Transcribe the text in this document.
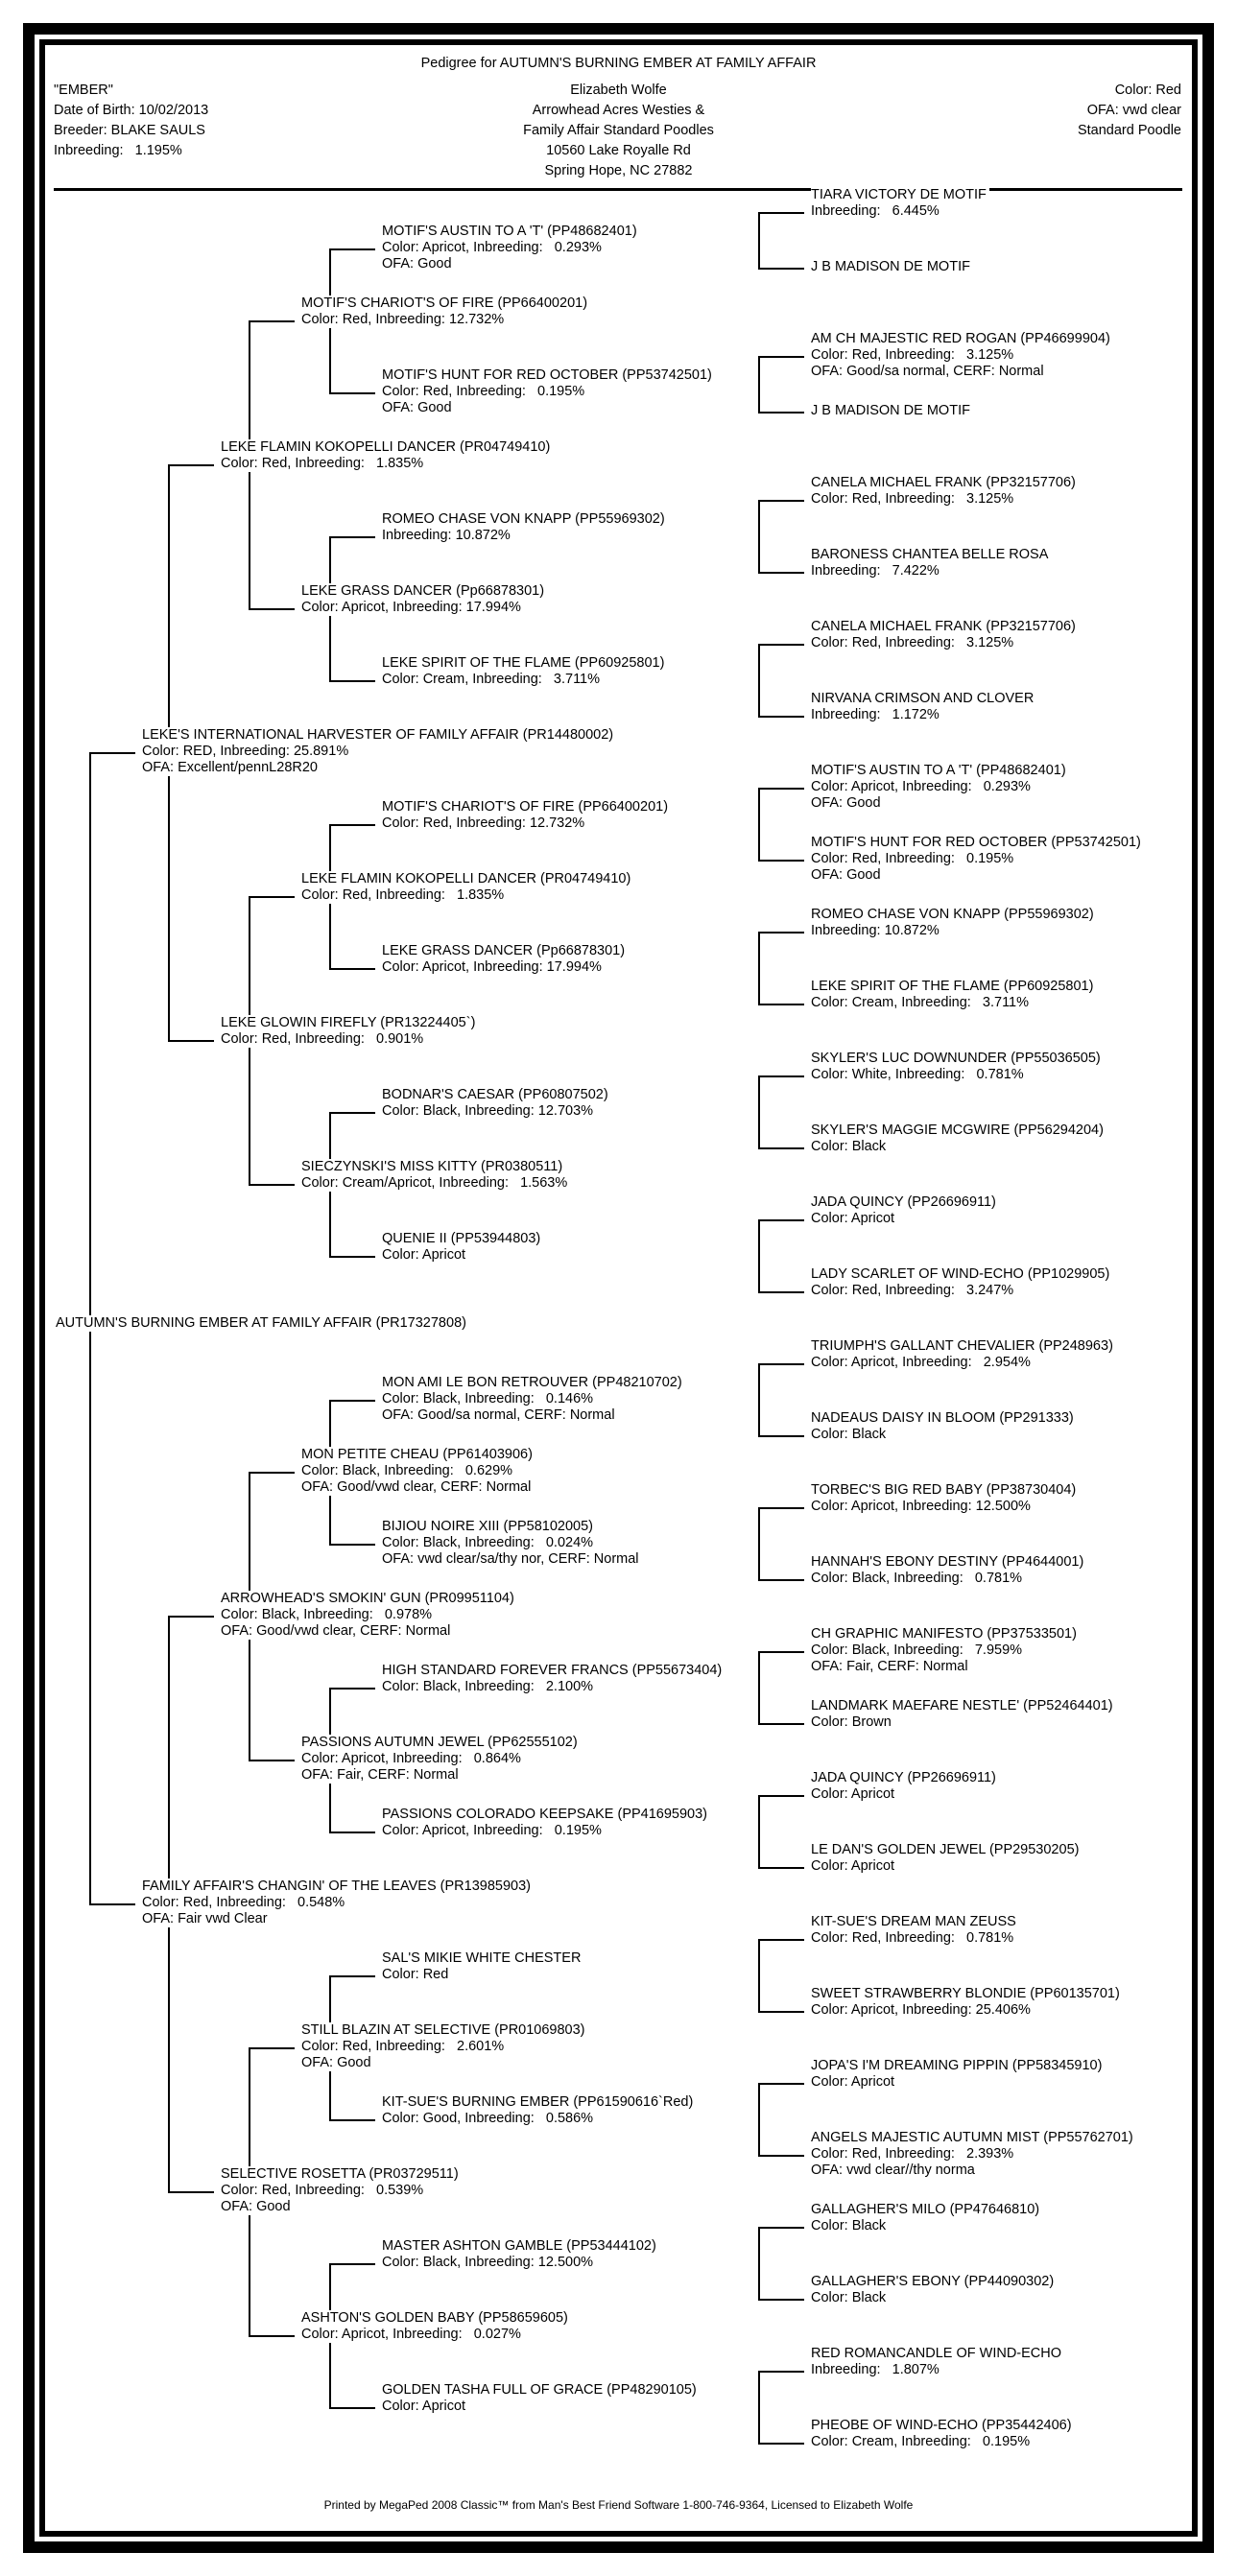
Pedigree for AUTUMN'S BURNING EMBER AT FAMILY AFFAIR
"EMBER"
Date of Birth: 10/02/2013
Breeder: BLAKE SAULS
Inbreeding:   1.195%
Elizabeth Wolfe
Arrowhead Acres Westies &
Family Affair Standard Poodles
10560 Lake Royalle Rd
Spring Hope, NC 27882
Color: Red
OFA: vwd clear
Standard Poodle
TIARA VICTORY DE MOTIF
Inbreeding:   6.445%
J B MADISON DE MOTIF
MOTIF'S AUSTIN TO A 'T' (PP48682401)
Color: Apricot, Inbreeding:   0.293%
OFA: Good
AM CH MAJESTIC RED ROGAN (PP46699904)
Color: Red, Inbreeding:   3.125%
OFA: Good/sa normal, CERF: Normal
J B MADISON DE MOTIF
MOTIF'S HUNT FOR RED OCTOBER (PP53742501)
Color: Red, Inbreeding:   0.195%
OFA: Good
MOTIF'S CHARIOT'S OF FIRE (PP66400201)
Color: Red, Inbreeding: 12.732%
CANELA MICHAEL FRANK (PP32157706)
Color: Red, Inbreeding:   3.125%
BARONESS CHANTEA BELLE ROSA
Inbreeding:   7.422%
ROMEO CHASE VON KNAPP (PP55969302)
Inbreeding: 10.872%
CANELA MICHAEL FRANK (PP32157706)
Color: Red, Inbreeding:   3.125%
NIRVANA CRIMSON AND CLOVER
Inbreeding:   1.172%
LEKE SPIRIT OF THE FLAME (PP60925801)
Color: Cream, Inbreeding:   3.711%
LEKE GRASS DANCER (Pp66878301)
Color: Apricot, Inbreeding: 17.994%
LEKE FLAMIN KOKOPELLI DANCER (PR04749410)
Color: Red, Inbreeding:   1.835%
MOTIF'S AUSTIN TO A 'T' (PP48682401)
Color: Apricot, Inbreeding:   0.293%
OFA: Good
MOTIF'S HUNT FOR RED OCTOBER (PP53742501)
Color: Red, Inbreeding:   0.195%
OFA: Good
MOTIF'S CHARIOT'S OF FIRE (PP66400201)
Color: Red, Inbreeding: 12.732%
ROMEO CHASE VON KNAPP (PP55969302)
Inbreeding: 10.872%
LEKE SPIRIT OF THE FLAME (PP60925801)
Color: Cream, Inbreeding:   3.711%
LEKE GRASS DANCER (Pp66878301)
Color: Apricot, Inbreeding: 17.994%
LEKE FLAMIN KOKOPELLI DANCER (PR04749410)
Color: Red, Inbreeding:   1.835%
SKYLER'S LUC DOWNUNDER (PP55036505)
Color: White, Inbreeding:   0.781%
SKYLER'S MAGGIE MCGWIRE (PP56294204)
Color: Black
BODNAR'S CAESAR (PP60807502)
Color: Black, Inbreeding: 12.703%
JADA QUINCY (PP26696911)
Color: Apricot
LADY SCARLET OF WIND-ECHO (PP1029905)
Color: Red, Inbreeding:   3.247%
QUENIE II (PP53944803)
Color: Apricot
SIECZYNSKI'S MISS KITTY (PR0380511)
Color: Cream/Apricot, Inbreeding:   1.563%
LEKE GLOWIN FIREFLY (PR13224405`)
Color: Red, Inbreeding:   0.901%
LEKE'S INTERNATIONAL HARVESTER OF FAMILY AFFAIR (PR14480002)
Color: RED, Inbreeding: 25.891%
OFA: Excellent/pennL28R20
TRIUMPH'S GALLANT CHEVALIER (PP248963)
Color: Apricot, Inbreeding:   2.954%
NADEAUS DAISY IN BLOOM (PP291333)
Color: Black
MON AMI LE BON RETROUVER (PP48210702)
Color: Black, Inbreeding:   0.146%
OFA: Good/sa normal, CERF: Normal
TORBEC'S BIG RED BABY (PP38730404)
Color: Apricot, Inbreeding: 12.500%
HANNAH'S EBONY DESTINY (PP4644001)
Color: Black, Inbreeding:   0.781%
BIJIOU NOIRE XIII (PP58102005)
Color: Black, Inbreeding:   0.024%
OFA: vwd clear/sa/thy nor, CERF: Normal
MON PETITE CHEAU (PP61403906)
Color: Black, Inbreeding:   0.629%
OFA: Good/vwd clear, CERF: Normal
CH GRAPHIC MANIFESTO (PP37533501)
Color: Black, Inbreeding:   7.959%
OFA: Fair, CERF: Normal
LANDMARK MAEFARE NESTLE' (PP52464401)
Color: Brown
HIGH STANDARD FOREVER FRANCS (PP55673404)
Color: Black, Inbreeding:   2.100%
JADA QUINCY (PP26696911)
Color: Apricot
LE DAN'S GOLDEN JEWEL (PP29530205)
Color: Apricot
PASSIONS COLORADO KEEPSAKE (PP41695903)
Color: Apricot, Inbreeding:   0.195%
PASSIONS AUTUMN JEWEL (PP62555102)
Color: Apricot, Inbreeding:   0.864%
OFA: Fair, CERF: Normal
ARROWHEAD'S SMOKIN' GUN (PR09951104)
Color: Black, Inbreeding:   0.978%
OFA: Good/vwd clear, CERF: Normal
KIT-SUE'S DREAM MAN ZEUSS
Color: Red, Inbreeding:   0.781%
SWEET STRAWBERRY BLONDIE (PP60135701)
Color: Apricot, Inbreeding: 25.406%
SAL'S MIKIE WHITE CHESTER
Color: Red
JOPA'S I'M DREAMING PIPPIN (PP58345910)
Color: Apricot
ANGELS MAJESTIC AUTUMN MIST (PP55762701)
Color: Red, Inbreeding:   2.393%
OFA: vwd clear//thy norma
KIT-SUE'S BURNING EMBER (PP61590616`Red)
Color: Good, Inbreeding:   0.586%
STILL BLAZIN AT SELECTIVE (PR01069803)
Color: Red, Inbreeding:   2.601%
OFA: Good
GALLAGHER'S MILO (PP47646810)
Color: Black
GALLAGHER'S EBONY (PP44090302)
Color: Black
MASTER ASHTON GAMBLE (PP53444102)
Color: Black, Inbreeding: 12.500%
RED ROMANCANDLE OF WIND-ECHO
Inbreeding:   1.807%
PHEOBE OF WIND-ECHO (PP35442406)
Color: Cream, Inbreeding:   0.195%
GOLDEN TASHA FULL OF GRACE (PP48290105)
Color: Apricot
ASHTON'S GOLDEN BABY (PP58659605)
Color: Apricot, Inbreeding:   0.027%
SELECTIVE ROSETTA (PR03729511)
Color: Red, Inbreeding:   0.539%
OFA: Good
FAMILY AFFAIR'S CHANGIN' OF THE LEAVES (PR13985903)
Color: Red, Inbreeding:   0.548%
OFA: Fair vwd Clear
AUTUMN'S BURNING EMBER AT FAMILY AFFAIR (PR17327808)
Printed by MegaPed 2008 Classic™ from Man's Best Friend Software 1-800-746-9364, Licensed to Elizabeth Wolfe
